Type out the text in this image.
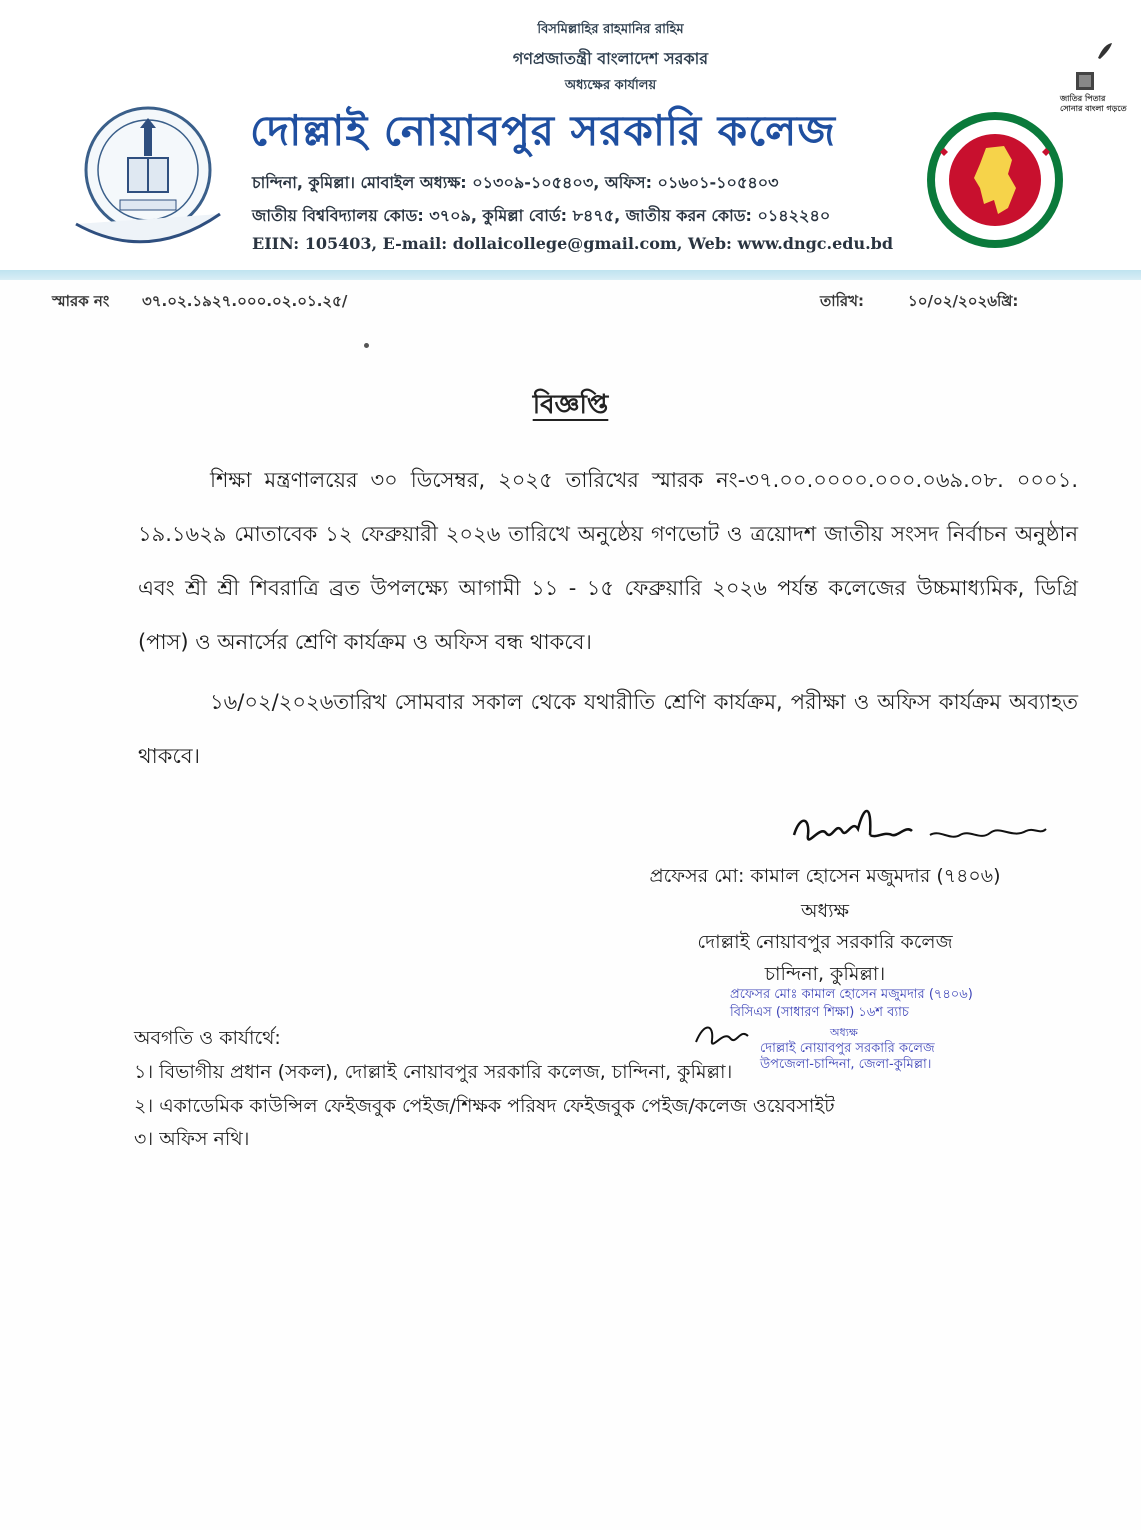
বিসমিল্লাহির রাহমানির রাহিম
গণপ্রজাতন্ত্রী বাংলাদেশ সরকার
অধ্যক্ষের কার্যালয়
দোল্লাই নোয়াবপুর সরকারি কলেজ
চান্দিনা, কুমিল্লা। মোবাইল অধ্যক্ষ: ০১৩০৯-১০৫৪০৩, অফিস: ০১৬০১-১০৫৪০৩
জাতীয় বিশ্ববিদ্যালয় কোড: ৩৭০৯, কুমিল্লা বোর্ড: ৮৪৭৫, জাতীয় করন কোড: ০১৪২২৪০
EIIN: 105403, E-mail: dollaicollege@gmail.com, Web: www.dngc.edu.bd
জাতির পিতার সোনার বাংলা গড়তে
স্মারক নং ৩৭.০২.১৯২৭.০০০.০২.০১.২৫/	তারিখ:	১০/০২/২০২৬খ্রি:
বিজ্ঞপ্তি
শিক্ষা মন্ত্রণালয়ের ৩০ ডিসেম্বর, ২০২৫ তারিখের স্মারক নং-৩৭.০০.০০০০.০০০.০৬৯.০৮. ০০০১. ১৯.১৬২৯ মোতাবেক ১২ ফেব্রুয়ারী ২০২৬ তারিখে অনুষ্ঠেয় গণভোট ও ত্রয়োদশ জাতীয় সংসদ নির্বাচন অনুষ্ঠান এবং শ্রী শ্রী শিবরাত্রি ব্রত উপলক্ষ্যে আগামী ১১ - ১৫ ফেব্রুয়ারি ২০২৬ পর্যন্ত কলেজের উচ্চমাধ্যমিক, ডিগ্রি (পাস) ও অনার্সের শ্রেণি কার্যক্রম ও অফিস বন্ধ থাকবে।
১৬/০২/২০২৬তারিখ সোমবার সকাল থেকে যথারীতি শ্রেণি কার্যক্রম, পরীক্ষা ও অফিস কার্যক্রম অব্যাহত থাকবে।
প্রফেসর মো: কামাল হোসেন মজুমদার (৭৪০৬)
অধ্যক্ষ
দোল্লাই নোয়াবপুর সরকারি কলেজ
চান্দিনা, কুমিল্লা।
প্রফেসর মোঃ কামাল হোসেন মজুমদার (৭৪০৬)
বিসিএস (সাধারণ শিক্ষা) ১৬শ ব্যাচ
অধ্যক্ষ
দোল্লাই নোয়াবপুর সরকারি কলেজ
উপজেলা-চান্দিনা, জেলা-কুমিল্লা।
অবগতি ও কার্যার্থে:
১। বিভাগীয় প্রধান (সকল), দোল্লাই নোয়াবপুর সরকারি কলেজ, চান্দিনা, কুমিল্লা।
২। একাডেমিক কাউন্সিল ফেইজবুক পেইজ/শিক্ষক পরিষদ ফেইজবুক পেইজ/কলেজ ওয়েবসাইট
৩। অফিস নথি।
